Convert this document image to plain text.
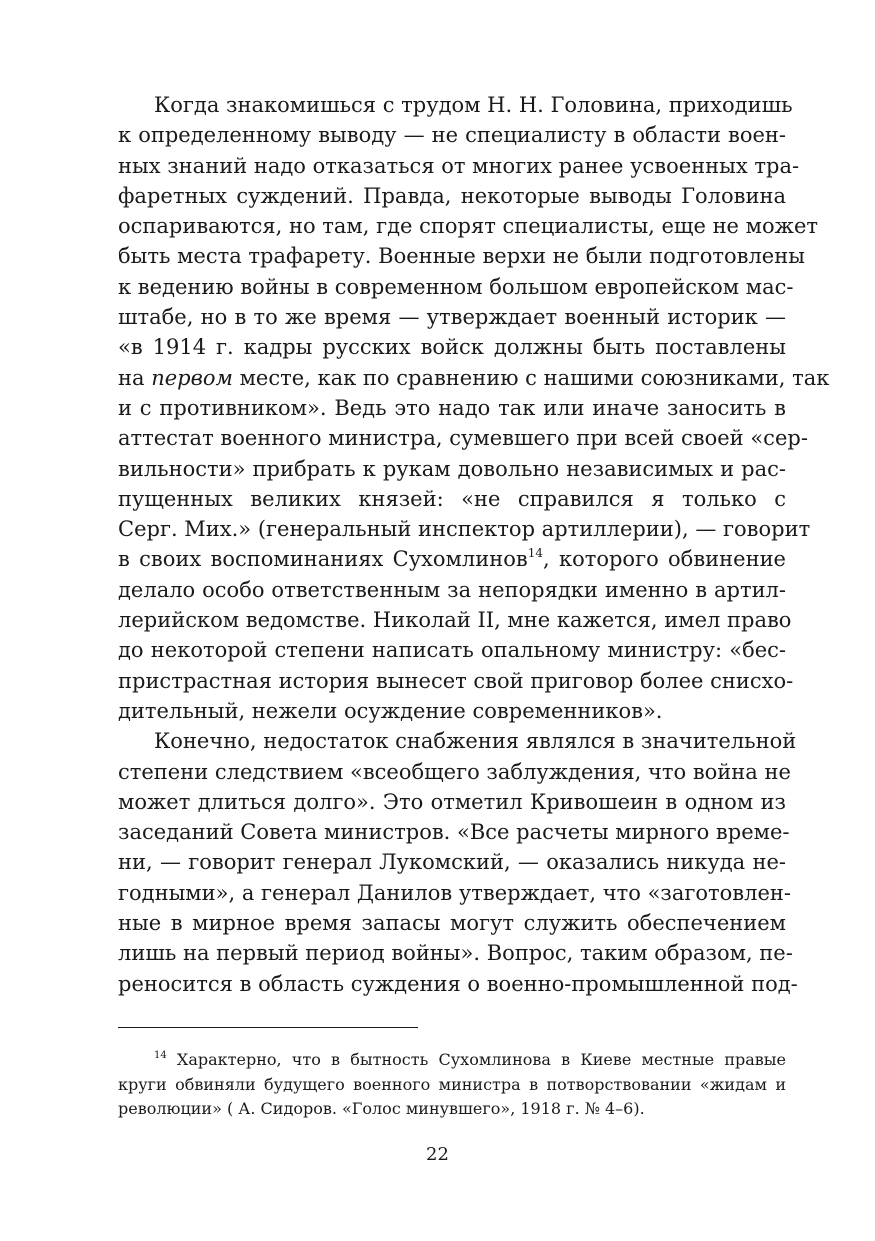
Когда знакомишься с трудом Н. Н. Головина, приходишь
к определенному выводу — не специалисту в области воен-
ных знаний надо отказаться от многих ранее усвоенных тра-
фаретных суждений. Правда, некоторые выводы Головина
оспариваются, но там, где спорят специалисты, еще не может
быть места трафарету. Военные верхи не были подготовлены
к ведению войны в современном большом европейском мас-
штабе, но в то же время — утверждает военный историк —
«в 1914 г. кадры русских войск должны быть поставлены
на первом месте, как по сравнению с нашими союзниками, так
и с противником». Ведь это надо так или иначе заносить в
аттестат военного министра, сумевшего при всей своей «сер-
вильности» прибрать к рукам довольно независимых и рас-
пущенных великих князей: «не справился я только с
Серг. Мих.» (генеральный инспектор артиллерии), — говорит
в своих воспоминаниях Сухомлинов$^{14}$, которого обвинение
делало особо ответственным за непорядки именно в артил-
лерийском ведомстве. Николай II, мне кажется, имел право
до некоторой степени написать опальному министру: «бес-
пристрастная история вынесет свой приговор более снисхо-
дительный, нежели осуждение современников».

Конечно, недостаток снабжения являлся в значительной
степени следствием «всеобщего заблуждения, что война не
может длиться долго». Это отметил Кривошеин в одном из
заседаний Совета министров. «Все расчеты мирного време-
ни, — говорит генерал Лукомский, — оказались никуда не-
годными», а генерал Данилов утверждает, что «заготовлен-
ные в мирное время запасы могут служить обеспечением
лишь на первый период войны». Вопрос, таким образом, пе-
реносится в область суждения о военно-промышленной под-

$^{14}$ Характерно, что в бытность Сухомлинова в Киеве местные правые
круги обвиняли будущего военного министра в потворствовании «жидам и
революции» ( А. Сидоров. «Голос минувшего», 1918 г. № 4–6).
22
